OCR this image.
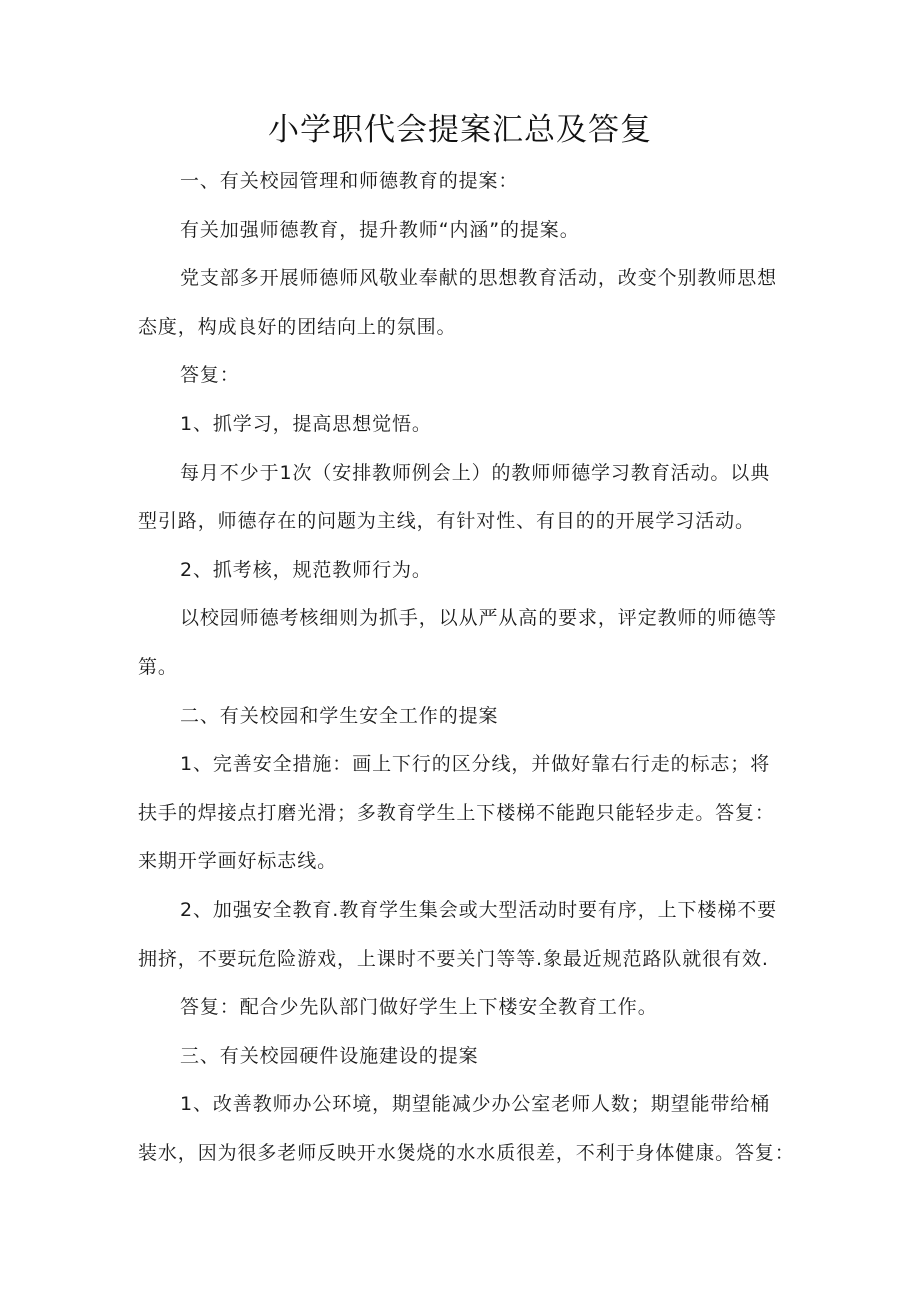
小学职代会提案汇总及答复
一、有关校园管理和师德教育的提案：
有关加强师德教育，提升教师“内涵”的提案。
党支部多开展师德师风敬业奉献的思想教育活动，改变个别教师思想
态度，构成良好的团结向上的氛围。
答复：
1、抓学习，提高思想觉悟。
每月不少于1次（安排教师例会上）的教师师德学习教育活动。以典
型引路，师德存在的问题为主线，有针对性、有目的的开展学习活动。
2、抓考核，规范教师行为。
以校园师德考核细则为抓手，以从严从高的要求，评定教师的师德等
第。
二、有关校园和学生安全工作的提案
1、完善安全措施：画上下行的区分线，并做好靠右行走的标志；将
扶手的焊接点打磨光滑；多教育学生上下楼梯不能跑只能轻步走。答复：
来期开学画好标志线。
2、加强安全教育.教育学生集会或大型活动时要有序，上下楼梯不要
拥挤，不要玩危险游戏，上课时不要关门等等.象最近规范路队就很有效.
答复：配合少先队部门做好学生上下楼安全教育工作。
三、有关校园硬件设施建设的提案
1、改善教师办公环境，期望能减少办公室老师人数；期望能带给桶
装水，因为很多老师反映开水煲烧的水水质很差，不利于身体健康。答复：
